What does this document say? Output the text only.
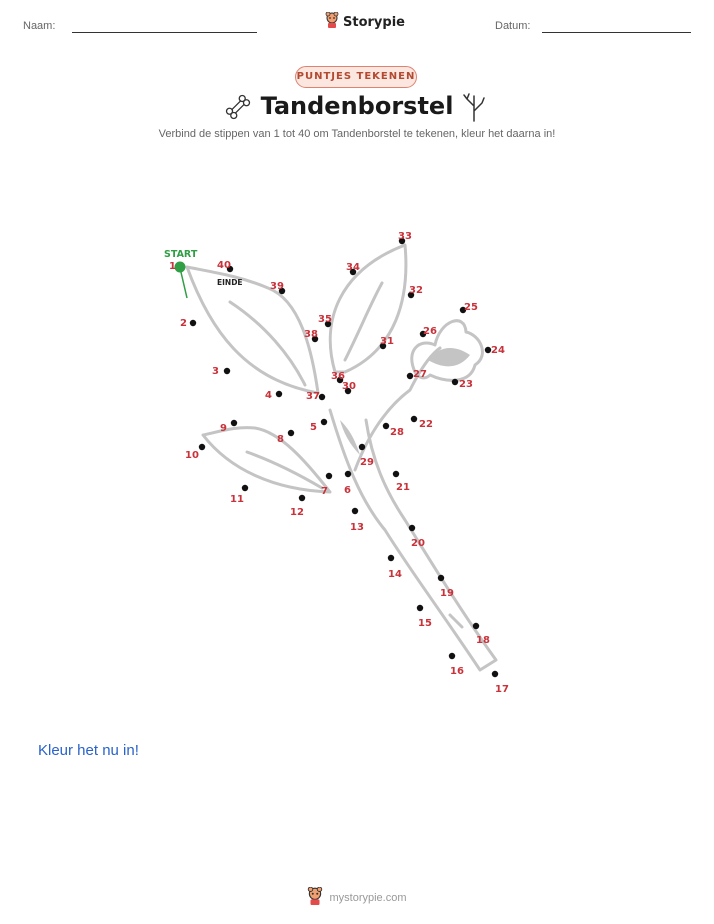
Naam:	Storypie	Datum:
PUNTJES TEKENEN
Tandenborstel
Verbind de stippen van 1 tot 40 om Tandenborstel te tekenen, kleur het daarna in!
START
EINDE
1
2
3
4
5
6
7
8
9
10
11
12
13
14
15
16
17
18
19
20
21
22
23
24
25
26
27
28
29
30
31
32
33
34
35
36
37
38
39
40
Kleur het nu in!
mystorypie.com
